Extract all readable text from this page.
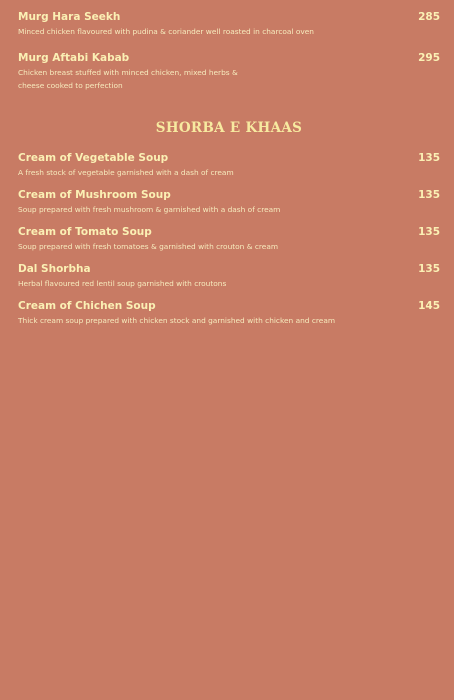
Murg Hara Seekh	285
Minced chicken flavoured with pudina & coriander well roasted in charcoal oven
Murg Aftabi Kabab	295
Chicken breast stuffed with minced chicken, mixed herbs &
cheese cooked to perfection
SHORBA E KHAAS
Cream of Vegetable Soup	135
A fresh stock of vegetable garnished with a dash of cream
Cream of Mushroom Soup	135
Soup prepared with fresh mushroom & garnished with a dash of cream
Cream of Tomato Soup	135
Soup prepared with fresh tomatoes & garnished with crouton & cream
Dal Shorbha	135
Herbal flavoured red lentil soup garnished with croutons
Cream of Chichen Soup	145
Thick cream soup prepared with chicken stock and garnished with chicken and cream
